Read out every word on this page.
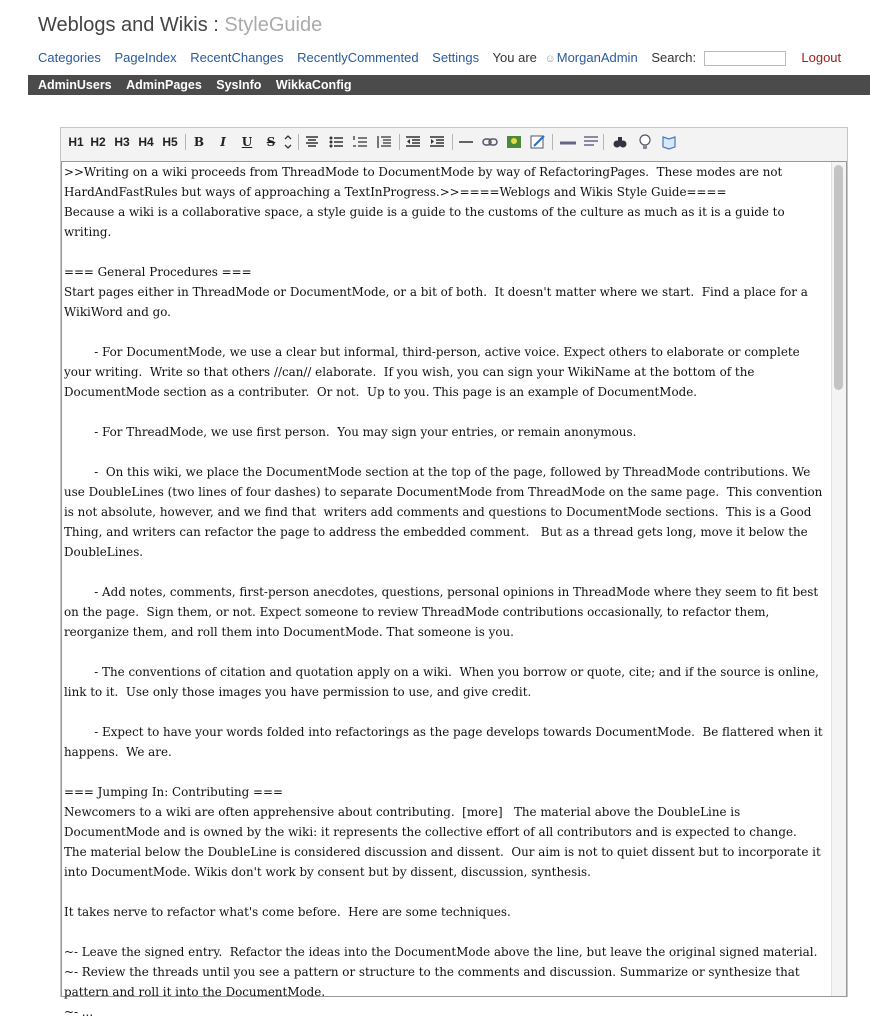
Weblogs and Wikis : StyleGuide
Categories PageIndex RecentChanges RecentlyCommented Settings You are ☺ MorganAdmin Search:	Logout
AdminUsers AdminPages SysInfo WikkaConfig
H1 H2 H3 H4 H5 B	I	U S
>>Writing on a wiki proceeds from ThreadMode to DocumentMode by way of RefactoringPages.  These modes are not HardAndFastRules but ways of approaching a TextInProgress.>>====Weblogs and Wikis Style Guide====
Because a wiki is a collaborative space, a style guide is a guide to the customs of the culture as much as it is a guide to writing.

=== General Procedures ===
Start pages either in ThreadMode or DocumentMode, or a bit of both.  It doesn't matter where we start.  Find a place for a WikiWord and go.

	- For DocumentMode, we use a clear but informal, third-person, active voice. Expect others to elaborate or complete your writing.  Write so that others //can// elaborate.  If you wish, you can sign your WikiName at the bottom of the DocumentMode section as a contributer.  Or not.  Up to you. This page is an example of DocumentMode.

	- For ThreadMode, we use first person.  You may sign your entries, or remain anonymous.

	-  On this wiki, we place the DocumentMode section at the top of the page, followed by ThreadMode contributions. We use DoubleLines (two lines of four dashes) to separate DocumentMode from ThreadMode on the same page.  This convention is not absolute, however, and we find that  writers add comments and questions to DocumentMode sections.  This is a Good Thing, and writers can refactor the page to address the embedded comment.   But as a thread gets long, move it below the DoubleLines.

	- Add notes, comments, first-person anecdotes, questions, personal opinions in ThreadMode where they seem to fit best on the page.  Sign them, or not. Expect someone to review ThreadMode contributions occasionally, to refactor them, reorganize them, and roll them into DocumentMode. That someone is you.

	- The conventions of citation and quotation apply on a wiki.  When you borrow or quote, cite; and if the source is online, link to it.  Use only those images you have permission to use, and give credit.

	- Expect to have your words folded into refactorings as the page develops towards DocumentMode.  Be flattered when it happens.  We are.

=== Jumping In: Contributing ===
Newcomers to a wiki are often apprehensive about contributing.  [more]   The material above the DoubleLine is DocumentMode and is owned by the wiki: it represents the collective effort of all contributors and is expected to change.  The material below the DoubleLine is considered discussion and dissent.  Our aim is not to quiet dissent but to incorporate it into DocumentMode. Wikis don't work by consent but by dissent, discussion, synthesis.

It takes nerve to refactor what's come before.  Here are some techniques.

~- Leave the signed entry.  Refactor the ideas into the DocumentMode above the line, but leave the original signed material.
~- Review the threads until you see a pattern or structure to the comments and discussion. Summarize or synthesize that pattern and roll it into the DocumentMode.
~- ...
